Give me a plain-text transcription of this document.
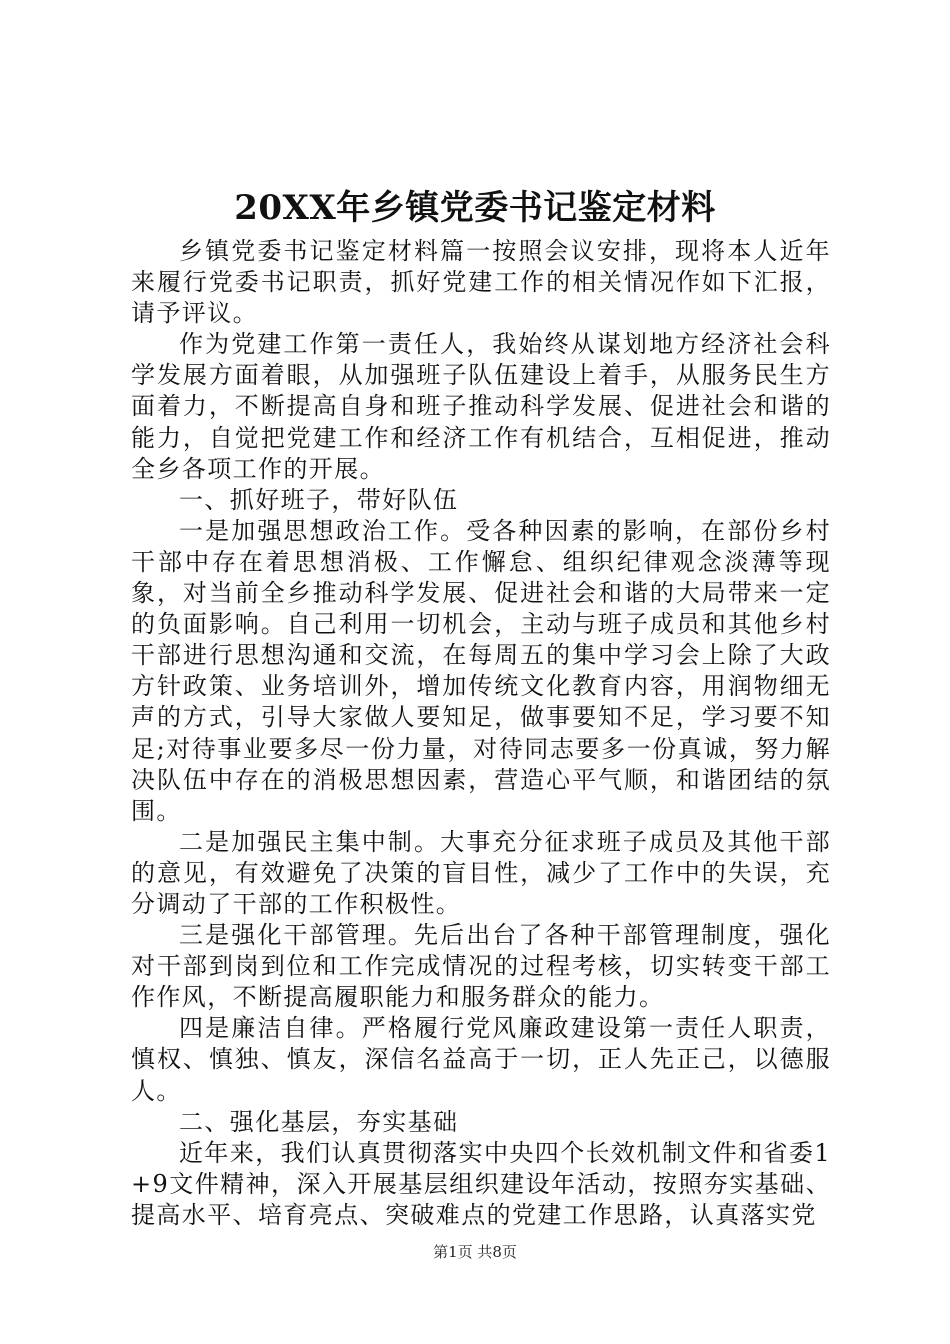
20XX年乡镇党委书记鉴定材料

乡镇党委书记鉴定材料篇一按照会议安排，现将本人近年来履行党委书记职责，抓好党建工作的相关情况作如下汇报，请予评议。

作为党建工作第一责任人，我始终从谋划地方经济社会科学发展方面着眼，从加强班子队伍建设上着手，从服务民生方面着力，不断提高自身和班子推动科学发展、促进社会和谐的能力，自觉把党建工作和经济工作有机结合，互相促进，推动全乡各项工作的开展。

一、抓好班子，带好队伍

一是加强思想政治工作。受各种因素的影响，在部份乡村干部中存在着思想消极、工作懈怠、组织纪律观念淡薄等现象，对当前全乡推动科学发展、促进社会和谐的大局带来一定的负面影响。自己利用一切机会，主动与班子成员和其他乡村干部进行思想沟通和交流，在每周五的集中学习会上除了大政方针政策、业务培训外，增加传统文化教育内容，用润物细无声的方式，引导大家做人要知足，做事要知不足，学习要不知足;对待事业要多尽一份力量，对待同志要多一份真诚，努力解决队伍中存在的消极思想因素，营造心平气顺，和谐团结的氛围。

二是加强民主集中制。大事充分征求班子成员及其他干部的意见，有效避免了决策的盲目性，减少了工作中的失误，充分调动了干部的工作积极性。

三是强化干部管理。先后出台了各种干部管理制度，强化对干部到岗到位和工作完成情况的过程考核，切实转变干部工作作风，不断提高履职能力和服务群众的能力。

四是廉洁自律。严格履行党风廉政建设第一责任人职责，慎权、慎独、慎友，深信名益高于一切，正人先正己，以德服人。

二、强化基层，夯实基础

近年来，我们认真贯彻落实中央四个长效机制文件和省委1+9文件精神，深入开展基层组织建设年活动，按照夯实基础、提高水平、培育亮点、突破难点的党建工作思路，认真落实党

第1页 共8页
